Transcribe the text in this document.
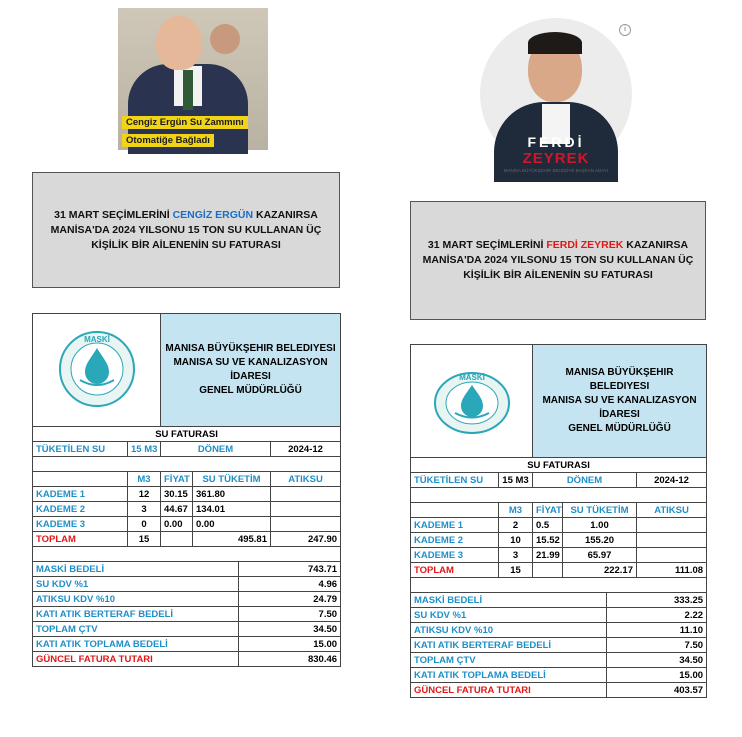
Cengiz Ergün Su Zammını
Otomatiğe Bağladı	FERDİ
ZEYREK
MANİSA BÜYÜKŞEHİR BELEDİYE BAŞKAN ADAYI
i
31 MART SEÇİMLERİNİ CENGİZ ERGÜN KAZANIRSA MANİSA'DA 2024 YILSONU 15 TON SU KULLANAN ÜÇ KİŞİLİK BİR AİLENENİN SU FATURASI	31 MART SEÇİMLERİNİ FERDİ ZEYREK KAZANIRSA MANİSA'DA 2024 YILSONU 15 TON SU KULLANAN ÜÇ KİŞİLİK BİR AİLENENİN SU FATURASI
MASKİ		MANISA BÜYÜKŞEHIR BELEDIYESI
MANISA SU VE KANALIZASYON İDARESI
GENEL MÜDÜRLÜĞÜ			

SU FATURASI					
TÜKETİLEN SU	15 M3	DÖNEM			2024-12

	M3	FİYAT	SU TÜKETİM		ATIKSU
KADEME 1	12	30.15	361.80		
KADEME 2	3	44.67	134.01		
KADEME 3	0	0.00	0.00		
TOPLAM	15		495.81		247.90

MASKİ BEDELİ				743.71	
SU KDV %1				4.96	
ATIKSU KDV %10				24.79	
KATI ATIK BERTERAF BEDELİ				7.50	
TOPLAM ÇTV				34.50	
KATI ATIK TOPLAMA BEDELİ				15.00	
GÜNCEL FATURA TUTARI				830.46	
MASKİ		MANISA BÜYÜKŞEHIR BELEDIYESI
MANISA SU VE KANALIZASYON İDARESI
GENEL MÜDÜRLÜĞÜ			

SU FATURASI					
TÜKETİLEN SU	15 M3	DÖNEM			2024-12

	M3	FİYAT	SU TÜKETİM		ATIKSU
KADEME 1	2	0.5	1.00		
KADEME 2	10	15.52	155.20		
KADEME 3	3	21.99	65.97		
TOPLAM	15		222.17		111.08

MASKİ BEDELİ				333.25	
SU KDV %1				2.22	
ATIKSU KDV %10				11.10	
KATI ATIK BERTERAF BEDELİ				7.50	
TOPLAM ÇTV				34.50	
KATI ATIK TOPLAMA BEDELİ				15.00	
GÜNCEL FATURA TUTARI				403.57	
